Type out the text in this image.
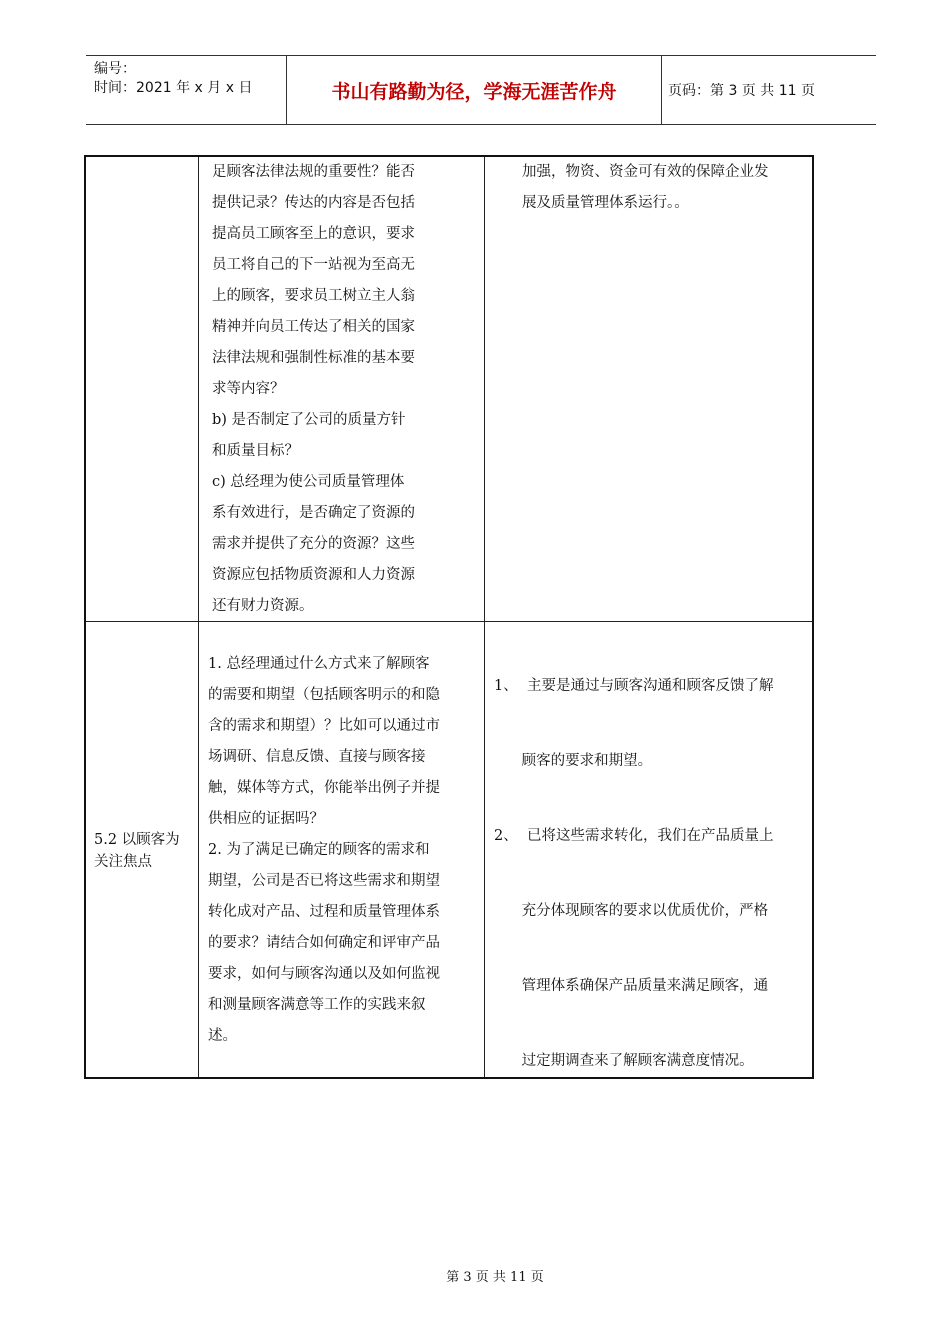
编号：
时间：2021 年 x 月 x 日	书山有路勤为径，学海无涯苦作舟	页码：第 3 页 共 11 页
足顾客法律法规的重要性？能否
提供记录？传达的内容是否包括
提高员工顾客至上的意识，要求
员工将自己的下一站视为至高无
上的顾客，要求员工树立主人翁
精神并向员工传达了相关的国家
法律法规和强制性标准的基本要
求等内容？
b) 是否制定了公司的质量方针
和质量目标？
c) 总经理为使公司质量管理体
系有效进行，是否确定了资源的
需求并提供了充分的资源？这些
资源应包括物质资源和人力资源
还有财力资源。
加强，物资、资金可有效的保障企业发
展及质量管理体系运行。。
5.2 以顾客为
关注焦点
1. 总经理通过什么方式来了解顾客
的需要和期望（包括顾客明示的和隐
含的需求和期望）？比如可以通过市
场调研、信息反馈、直接与顾客接
触，媒体等方式，你能举出例子并提
供相应的证据吗？
2. 为了满足已确定的顾客的需求和
期望，公司是否已将这些需求和期望
转化成对产品、过程和质量管理体系
的要求？请结合如何确定和评审产品
要求，如何与顾客沟通以及如何监视
和测量顾客满意等工作的实践来叙
述。

1、  主要是通过与顾客沟通和顾客反馈了解

顾客的要求和期望。

2、  已将这些需求转化，我们在产品质量上

充分体现顾客的要求以优质优价，严格

管理体系确保产品质量来满足顾客，通

过定期调查来了解顾客满意度情况。

第 3 页 共 11 页
